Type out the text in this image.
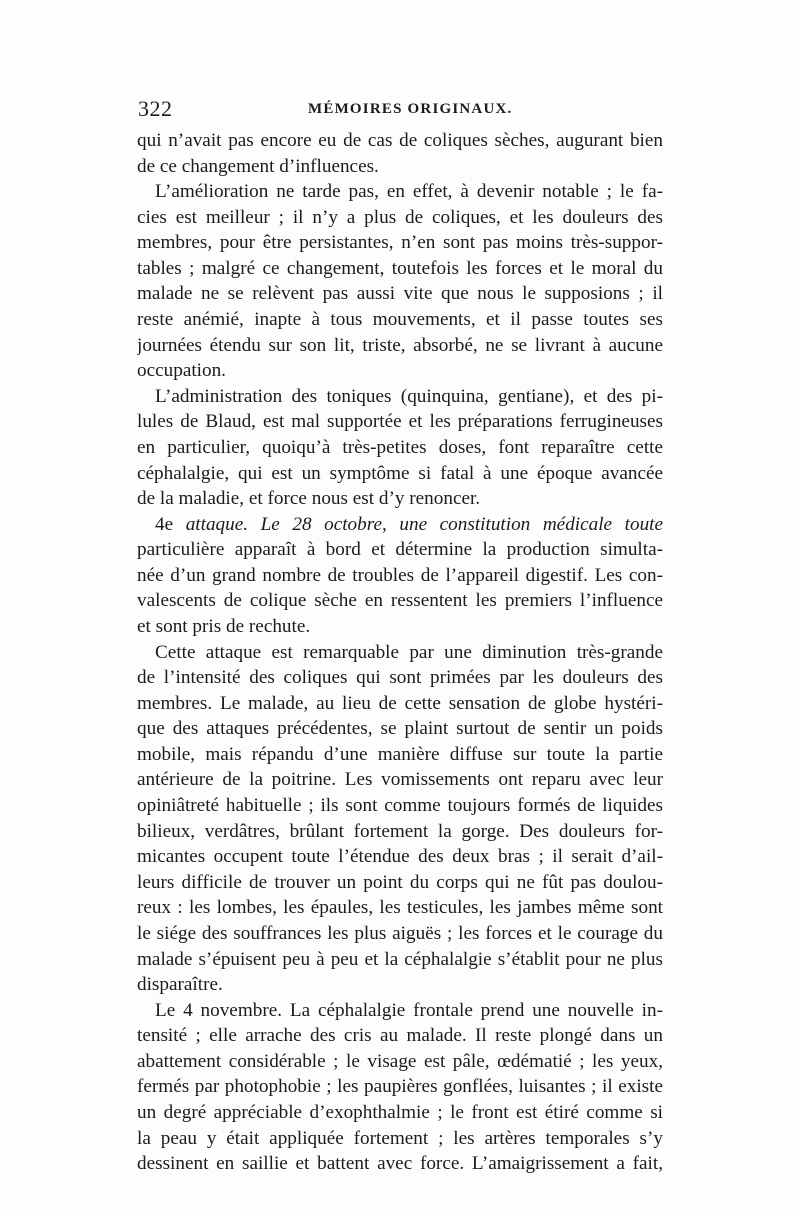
322	MÉMOIRES ORIGINAUX.
qui n’avait pas encore eu de cas de coliques sèches, augurant bien
de ce changement d’influences.
L’amélioration ne tarde pas, en effet, à devenir notable ; le fa-
cies est meilleur ; il n’y a plus de coliques, et les douleurs des
membres, pour être persistantes, n’en sont pas moins très-suppor-
tables ; malgré ce changement, toutefois les forces et le moral du
malade ne se relèvent pas aussi vite que nous le supposions ; il
reste anémié, inapte à tous mouvements, et il passe toutes ses
journées étendu sur son lit, triste, absorbé, ne se livrant à aucune
occupation.
L’administration des toniques (quinquina, gentiane), et des pi-
lules de Blaud, est mal supportée et les préparations ferrugineuses
en particulier, quoiqu’à très-petites doses, font reparaître cette
céphalalgie, qui est un symptôme si fatal à une époque avancée
de la maladie, et force nous est d’y renoncer.
4e attaque. Le 28 octobre, une constitution médicale toute
particulière apparaît à bord et détermine la production simulta-
née d’un grand nombre de troubles de l’appareil digestif. Les con-
valescents de colique sèche en ressentent les premiers l’influence
et sont pris de rechute.
Cette attaque est remarquable par une diminution très-grande
de l’intensité des coliques qui sont primées par les douleurs des
membres. Le malade, au lieu de cette sensation de globe hystéri-
que des attaques précédentes, se plaint surtout de sentir un poids
mobile, mais répandu d’une manière diffuse sur toute la partie
antérieure de la poitrine. Les vomissements ont reparu avec leur
opiniâtreté habituelle ; ils sont comme toujours formés de liquides
bilieux, verdâtres, brûlant fortement la gorge. Des douleurs for-
micantes occupent toute l’étendue des deux bras ; il serait d’ail-
leurs difficile de trouver un point du corps qui ne fût pas doulou-
reux : les lombes, les épaules, les testicules, les jambes même sont
le siége des souffrances les plus aiguës ; les forces et le courage du
malade s’épuisent peu à peu et la céphalalgie s’établit pour ne plus
disparaître.
Le 4 novembre. La céphalalgie frontale prend une nouvelle in-
tensité ; elle arrache des cris au malade. Il reste plongé dans un
abattement considérable ; le visage est pâle, œdématié ; les yeux,
fermés par photophobie ; les paupières gonflées, luisantes ; il existe
un degré appréciable d’exophthalmie ; le front est étiré comme si
la peau y était appliquée fortement ; les artères temporales s’y
dessinent en saillie et battent avec force. L’amaigrissement a fait,
